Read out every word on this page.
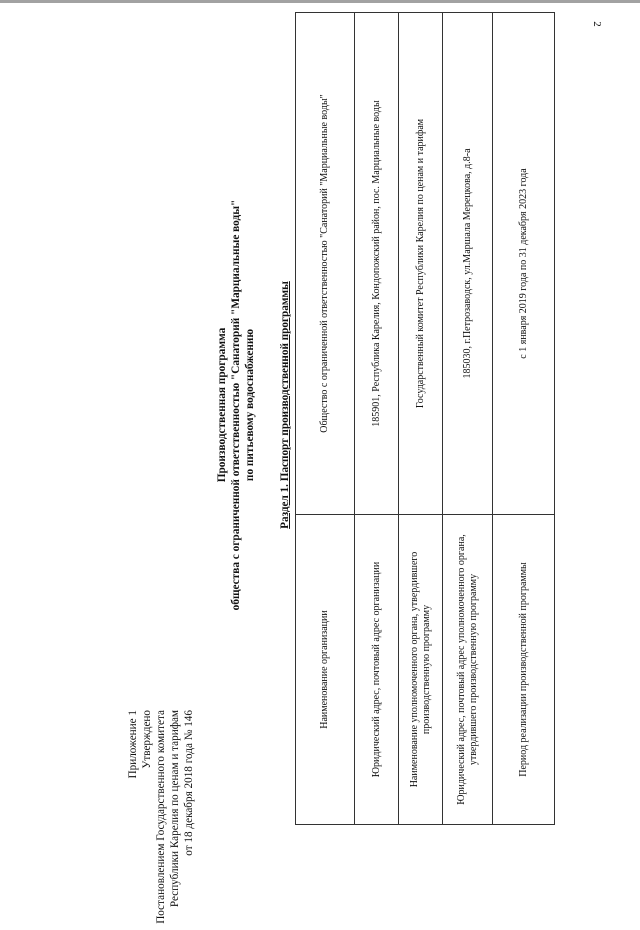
2
Приложение 1 Утверждено Постановлением Государственного комитета Республики Карелия по ценам и тарифам от 18 декабря 2018 года № 146
Производственная программа общества с ограниченной ответственностью "Санаторий "Марциальные воды" по питьевому водоснабжению Раздел 1. Паспорт производственной программы
Наименование организации	Общество с ограниченной ответственностью "Санаторий "Марциальные воды"
Юридический адрес, почтовый адрес организации	185901, Республика Карелия, Кондопожский район, пос. Марциальные воды
Наименование уполномоченного органа, утвердившего производственную программу	Государственный комитет Республики Карелия по ценам и тарифам
Юридический адрес, почтовый адрес уполномоченного органа, утвердившего производственную программу	185030, г.Петрозаводск, ул.Маршала Мерецкова, д.8-а
Период реализации производственной программы	с 1 января 2019 года по 31 декабря 2023 года
